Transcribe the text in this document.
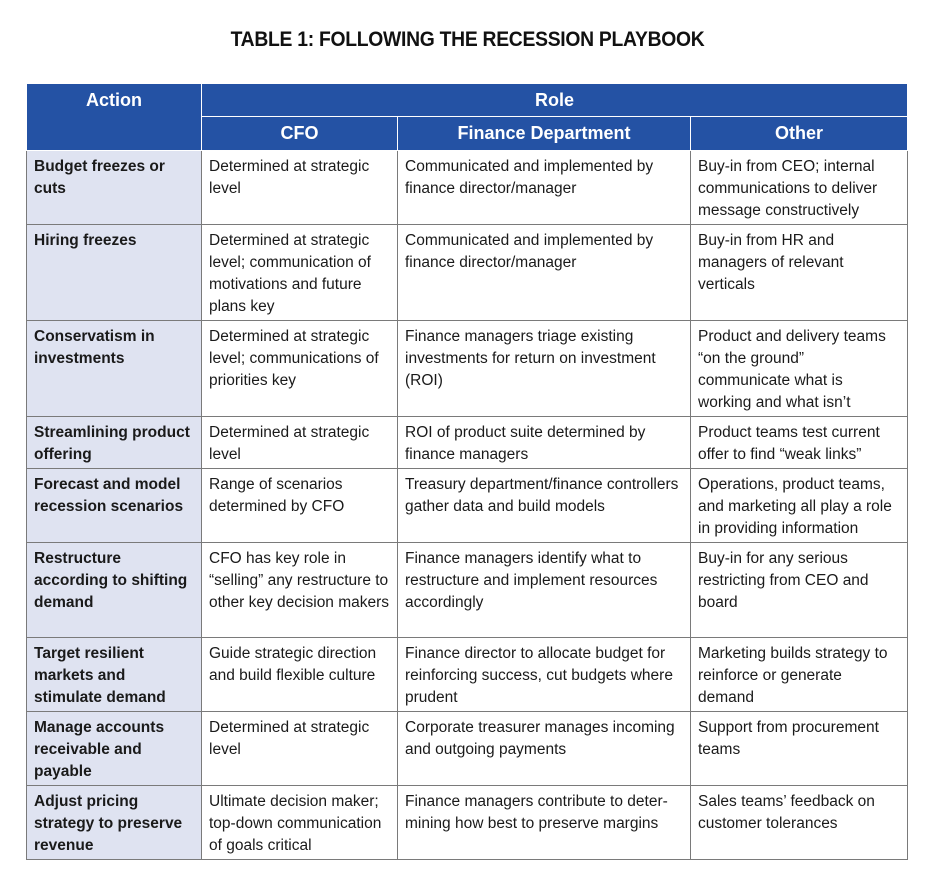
TABLE 1: FOLLOWING THE RECESSION PLAYBOOK
Action	Role		
	CFO	Finance Department	Other
Budget freezes or cuts	Determined at strategic level	Communicated and implemented by finance director/manager	Buy-in from CEO; internal communications to deliver message constructively
Hiring freezes	Determined at strategic level; communication of motivations and future plans key	Communicated and implemented by finance director/manager	Buy-in from HR and managers of relevant verticals
Conservatism in investments	Determined at strategic level; communications of priorities key	Finance managers triage existing investments for return on investment (ROI)	Product and delivery teams “on the ground” communicate what is working and what isn’t
Streamlining product offering	Determined at strategic level	ROI of product suite determined by finance managers	Product teams test current offer to find “weak links”
Forecast and model recession scenarios	Range of scenarios determined by CFO	Treasury department/finance controllers gather data and build models	Operations, product teams, and marketing all play a role in providing information
Restructure according to shifting demand	CFO has key role in “selling” any restructure to other key decision makers	Finance managers identify what to restructure and implement resources accordingly	Buy-in for any serious restricting from CEO and board
Target resilient markets and stimulate demand	Guide strategic direction and build flexible culture	Finance director to allocate budget for reinforcing success, cut budgets where prudent	Marketing builds strategy to reinforce or generate demand
Manage accounts receivable and payable	Determined at strategic level	Corporate treasurer manages incoming and outgoing payments	Support from procurement teams
Adjust pricing strategy to preserve revenue	Ultimate decision maker; top-down communication of goals critical	Finance managers contribute to deter-mining how best to preserve margins	Sales teams’ feedback on customer tolerances
